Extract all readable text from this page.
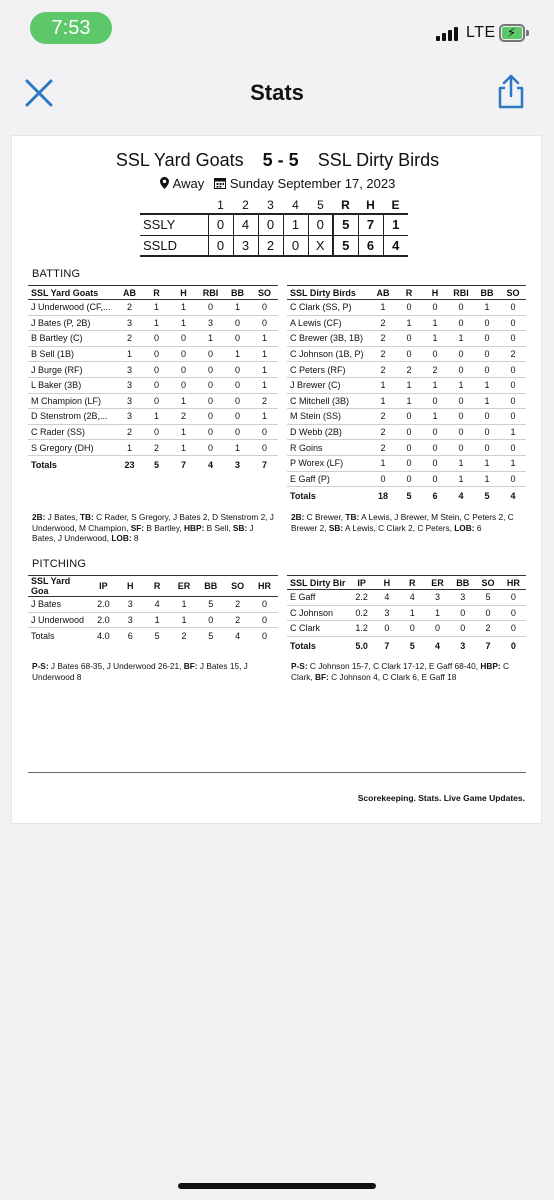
7:53	LTE ⚡
Stats
SSL Yard Goats 5 - 5 SSL Dirty Birds
Away Sunday September 17, 2023
	1	2	3	4	5	R	H	E
SSLY	0	4	0	1	0	5	7	1
SSLD	0	3	2	0	X	5	6	4
BATTING
SSL Yard Goats	AB	R	H	RBI	BB	SO
J Underwood (CF,...	2	1	1	0	1	0
J Bates (P, 2B)	3	1	1	3	0	0
B Bartley (C)	2	0	0	1	0	1
B Sell (1B)	1	0	0	0	1	1
J Burge (RF)	3	0	0	0	0	1
L Baker (3B)	3	0	0	0	0	1
M Champion (LF)	3	0	1	0	0	2
D Stenstrom (2B,...	3	1	2	0	0	1
C Rader (SS)	2	0	1	0	0	0
S Gregory (DH)	1	2	1	0	1	0
Totals	23	5	7	4	3	7
SSL Dirty Birds	AB	R	H	RBI	BB	SO
C Clark (SS, P)	1	0	0	0	1	0
A Lewis (CF)	2	1	1	0	0	0
C Brewer (3B, 1B)	2	0	1	1	0	0
C Johnson (1B, P)	2	0	0	0	0	2
C Peters (RF)	2	2	2	0	0	0
J Brewer (C)	1	1	1	1	1	0
C Mitchell (3B)	1	1	0	0	1	0
M Stein (SS)	2	0	1	0	0	0
D Webb (2B)	2	0	0	0	0	1
R Goins	2	0	0	0	0	0
P Worex (LF)	1	0	0	1	1	1
E Gaff (P)	0	0	0	1	1	0
Totals	18	5	6	4	5	4
2B: J Bates, TB: C Rader, S Gregory, J Bates 2, D Stenstrom 2, J Underwood, M Champion, SF: B Bartley, HBP: B Sell, SB: J Bates, J Underwood, LOB: 8
2B: C Brewer, TB: A Lewis, J Brewer, M Stein, C Peters 2, C Brewer 2, SB: A Lewis, C Clark 2, C Peters, LOB: 6
PITCHING
SSL Yard Goa	IP	H	R	ER	BB	SO	HR
J Bates	2.0	3	4	1	5	2	0
J Underwood	2.0	3	1	1	0	2	0
Totals	4.0	6	5	2	5	4	0
SSL Dirty Bir	IP	H	R	ER	BB	SO	HR
E Gaff	2.2	4	4	3	3	5	0
C Johnson	0.2	3	1	1	0	0	0
C Clark	1.2	0	0	0	0	2	0
Totals	5.0	7	5	4	3	7	0
P-S: J Bates 68-35, J Underwood 26-21, BF: J Bates 15, J Underwood 8
P-S: C Johnson 15-7, C Clark 17-12, E Gaff 68-40, HBP: C Clark, BF: C Johnson 4, C Clark 6, E Gaff 18
Scorekeeping. Stats. Live Game Updates.
